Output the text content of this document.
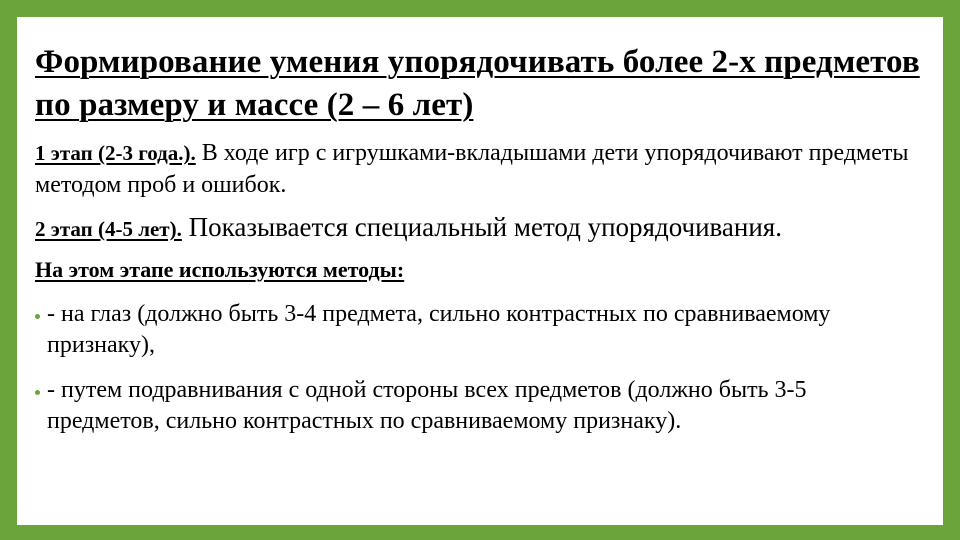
Формирование умения упорядочивать более 2-х предметов по размеру и массе (2 – 6 лет)
1 этап (2-3 года.). В ходе игр с игрушками-вкладышами дети упорядочивают предметы методом проб и ошибок.
2 этап (4-5 лет). Показывается специальный метод упорядочивания.
На этом этапе используются методы:
- на глаз (должно быть 3-4 предмета, сильно контрастных по сравниваемому признаку),
- путем подравнивания с одной стороны всех предметов (должно быть 3-5 предметов, сильно контрастных по сравниваемому признаку).
